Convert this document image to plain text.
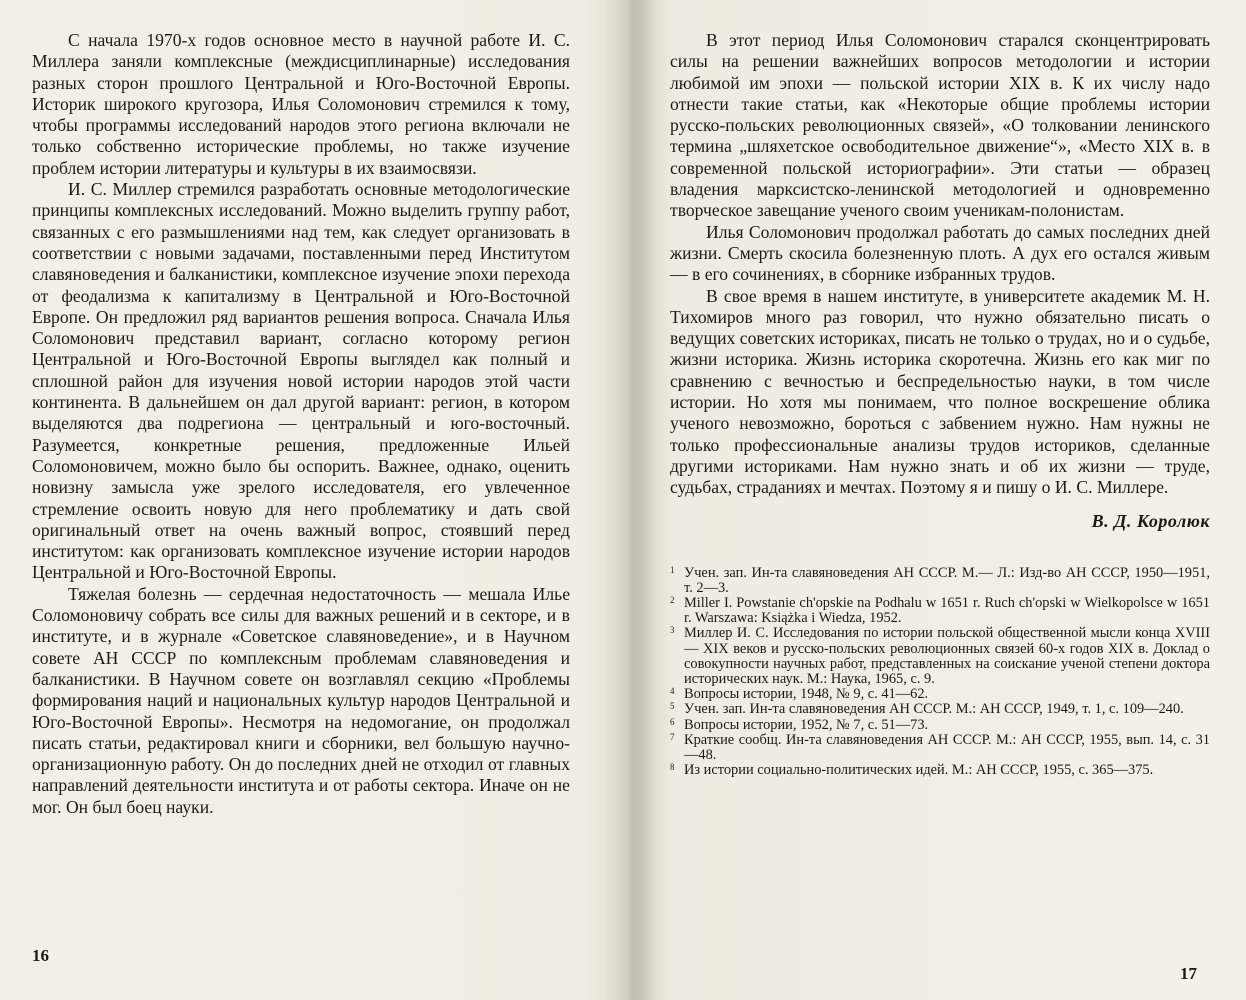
С начала 1970-х годов основное место в научной работе И. С. Миллера заняли комплексные (междисциплинарные) исследования разных сторон прошлого Центральной и Юго-Восточной Европы. Историк широкого кругозора, Илья Соломонович стремился к тому, чтобы программы исследований народов этого региона включали не только собственно исторические проблемы, но также изучение проблем истории литературы и культуры в их взаимосвязи.

И. С. Миллер стремился разработать основные методологические принципы комплексных исследований. Можно выделить группу работ, связанных с его размышлениями над тем, как следует организовать в соответствии с новыми задачами, поставленными перед Институтом славяноведения и балканистики, комплексное изучение эпохи перехода от феодализма к капитализму в Центральной и Юго-Восточной Европе. Он предложил ряд вариантов решения вопроса. Сначала Илья Соломонович представил вариант, согласно которому регион Центральной и Юго-Восточной Европы выглядел как полный и сплошной район для изучения новой истории народов этой части континента. В дальнейшем он дал другой вариант: регион, в котором выделяются два подрегиона — центральный и юго-восточный. Разумеется, конкретные решения, предложенные Ильей Соломоновичем, можно было бы оспорить. Важнее, однако, оценить новизну замысла уже зрелого исследователя, его увлеченное стремление освоить новую для него проблематику и дать свой оригинальный ответ на очень важный вопрос, стоявший перед институтом: как организовать комплексное изучение истории народов Центральной и Юго-Восточной Европы.

Тяжелая болезнь — сердечная недостаточность — мешала Илье Соломоновичу собрать все силы для важных решений и в секторе, и в институте, и в журнале «Советское славяноведение», и в Научном совете АН СССР по комплексным проблемам славяноведения и балканистики. В Научном совете он возглавлял секцию «Проблемы формирования наций и национальных культур народов Центральной и Юго-Восточной Европы». Несмотря на недомогание, он продолжал писать статьи, редактировал книги и сборники, вел большую научно-организационную работу. Он до последних дней не отходил от главных направлений деятельности института и от работы сектора. Иначе он не мог. Он был боец науки.

В этот период Илья Соломонович старался сконцентрировать силы на решении важнейших вопросов методологии и истории любимой им эпохи — польской истории XIX в. К их числу надо отнести такие статьи, как «Некоторые общие проблемы истории русско-польских революционных связей», «О толковании ленинского термина „шляхетское освободительное движение“», «Место XIX в. в современной польской историографии». Эти статьи — образец владения марксистско-ленинской методологией и одновременно творческое завещание ученого своим ученикам-полонистам.

Илья Соломонович продолжал работать до самых последних дней жизни. Смерть скосила болезненную плоть. А дух его остался живым — в его сочинениях, в сборнике избранных трудов.

В свое время в нашем институте, в университете академик М. Н. Тихомиров много раз говорил, что нужно обязательно писать о ведущих советских историках, писать не только о трудах, но и о судьбе, жизни историка. Жизнь историка скоротечна. Жизнь его как миг по сравнению с вечностью и беспредельностью науки, в том числе истории. Но хотя мы понимаем, что полное воскрешение облика ученого невозможно, бороться с забвением нужно. Нам нужны не только профессиональные анализы трудов историков, сделанные другими историками. Нам нужно знать и об их жизни — труде, судьбах, страданиях и мечтах. Поэтому я и пишу о И. С. Миллере.

В. Д. Королюк
1 Учен. зап. Ин-та славяноведения АН СССР. М.— Л.: Изд-во АН СССР, 1950—1951, т. 2—3.
2 Miller I. Powstanie ch'opskie na Podhalu w 1651 r. Ruch ch'opski w Wielkopolsce w 1651 r. Warszawa: Książka i Wiedza, 1952.
3 Миллер И. С. Исследования по истории польской общественной мысли конца XVIII — XIX веков и русско-польских революционных связей 60-х годов XIX в. Доклад о совокупности научных работ, представленных на соискание ученой степени доктора исторических наук. М.: Наука, 1965, с. 9.
4 Вопросы истории, 1948, № 9, с. 41—62.
5 Учен. зап. Ин-та славяноведения АН СССР. М.: АН СССР, 1949, т. 1, с. 109—240.
6 Вопросы истории, 1952, № 7, с. 51—73.
7 Краткие сообщ. Ин-та славяноведения АН СССР. М.: АН СССР, 1955, вып. 14, с. 31—48.
8 Из истории социально-политических идей. М.: АН СССР, 1955, с. 365—375.
16
17
